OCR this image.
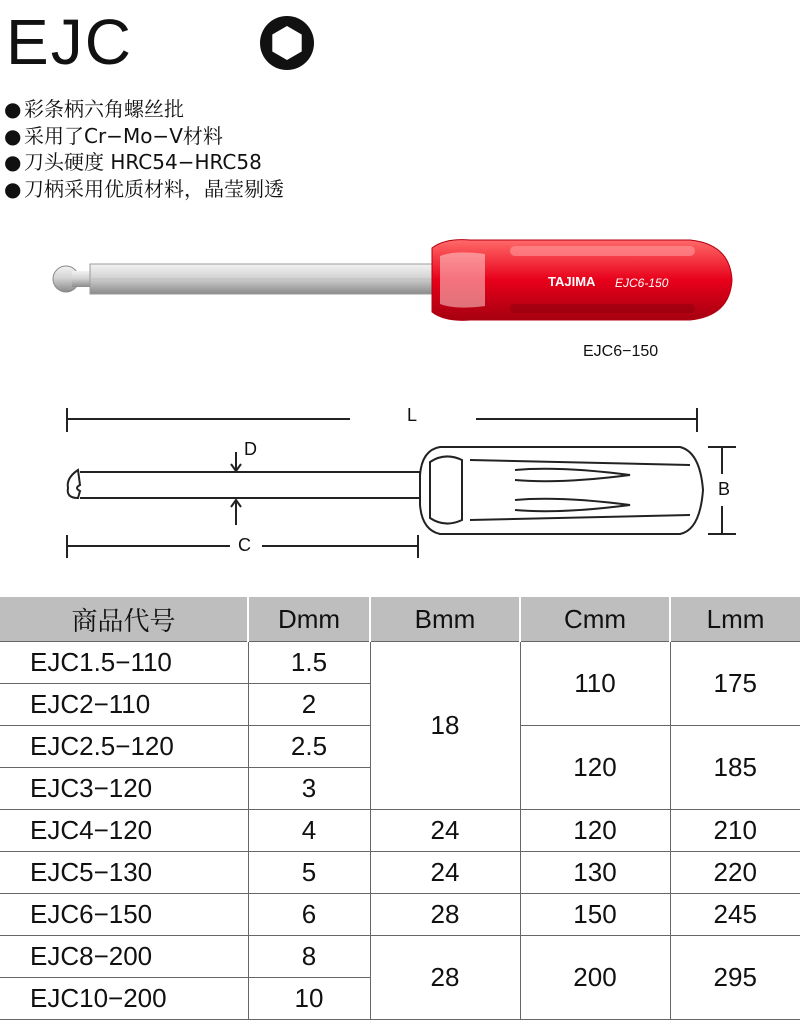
EJC
● 彩条柄六角螺丝批
● 采用了Cr−Mo−V材料
● 刀头硬度 HRC54−HRC58
● 刀柄采用优质材料，晶莹剔透
TAJIMA EJC6-150
EJC6−150
L
D
B
C
商品代号	Dmm	Bmm	Cmm	Lmm
EJC1.5−110	1.5	18	110	175
EJC2−110	2			
EJC2.5−120	2.5		120	185
EJC3−120	3			
EJC4−120	4	24	120	210
EJC5−130	5	24	130	220
EJC6−150	6	28	150	245
EJC8−200	8	28	200	295
EJC10−200	10			
